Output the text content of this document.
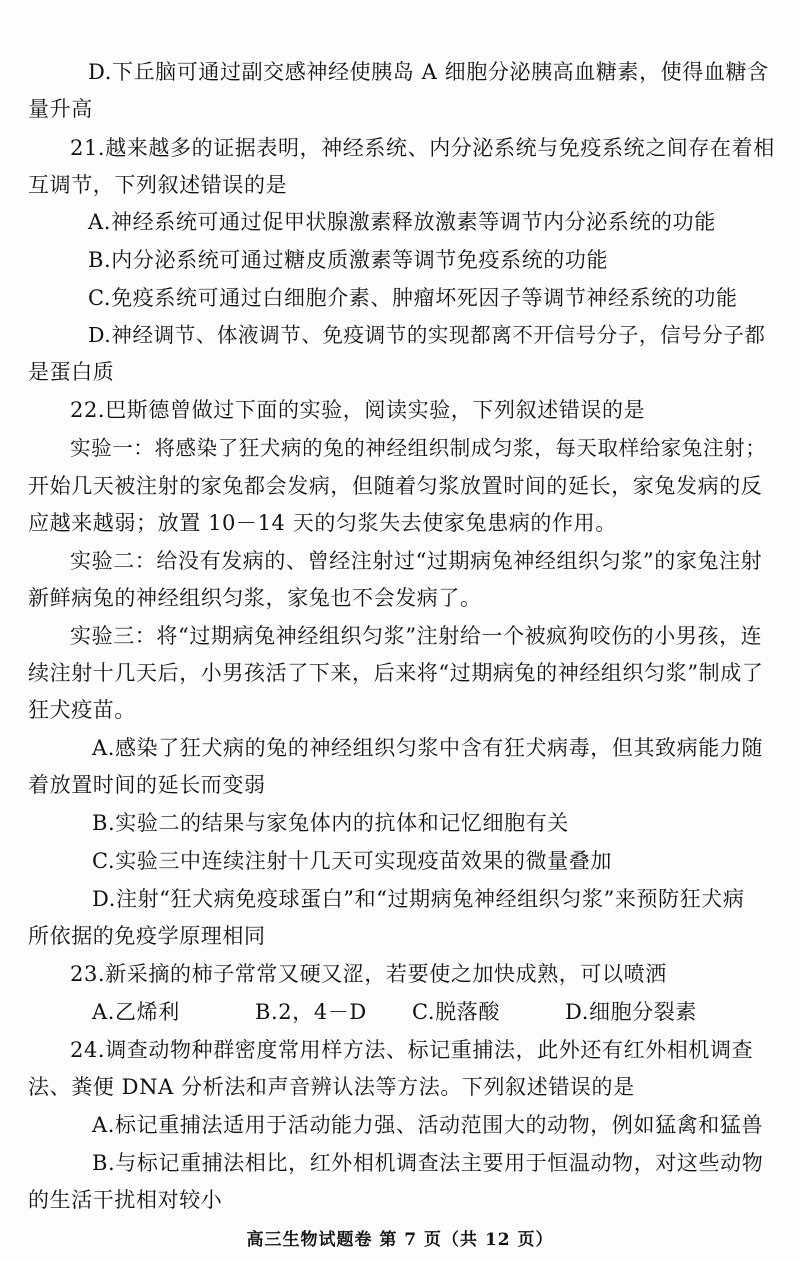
D.下丘脑可通过副交感神经使胰岛 A 细胞分泌胰高血糖素，使得血糖含
量升高
21.越来越多的证据表明，神经系统、内分泌系统与免疫系统之间存在着相
互调节，下列叙述错误的是
A.神经系统可通过促甲状腺激素释放激素等调节内分泌系统的功能
B.内分泌系统可通过糖皮质激素等调节免疫系统的功能
C.免疫系统可通过白细胞介素、肿瘤坏死因子等调节神经系统的功能
D.神经调节、体液调节、免疫调节的实现都离不开信号分子，信号分子都
是蛋白质
22.巴斯德曾做过下面的实验，阅读实验，下列叙述错误的是
实验一：将感染了狂犬病的兔的神经组织制成匀浆，每天取样给家兔注射；
开始几天被注射的家兔都会发病，但随着匀浆放置时间的延长，家兔发病的反
应越来越弱；放置 10－14 天的匀浆失去使家兔患病的作用。
实验二：给没有发病的、曾经注射过“过期病兔神经组织匀浆”的家兔注射
新鲜病兔的神经组织匀浆，家兔也不会发病了。
实验三：将“过期病兔神经组织匀浆”注射给一个被疯狗咬伤的小男孩，连
续注射十几天后，小男孩活了下来，后来将“过期病兔的神经组织匀浆”制成了
狂犬疫苗。
A.感染了狂犬病的兔的神经组织匀浆中含有狂犬病毒，但其致病能力随
着放置时间的延长而变弱
B.实验二的结果与家兔体内的抗体和记忆细胞有关
C.实验三中连续注射十几天可实现疫苗效果的微量叠加
D.注射“狂犬病免疫球蛋白”和“过期病兔神经组织匀浆”来预防狂犬病
所依据的免疫学原理相同
23.新采摘的柿子常常又硬又涩，若要使之加快成熟，可以喷洒
A.乙烯利	B.2，4－D	C.脱落酸	D.细胞分裂素
24.调查动物种群密度常用样方法、标记重捕法，此外还有红外相机调查
法、粪便 DNA 分析法和声音辨认法等方法。下列叙述错误的是
A.标记重捕法适用于活动能力强、活动范围大的动物，例如猛禽和猛兽
B.与标记重捕法相比，红外相机调查法主要用于恒温动物，对这些动物
的生活干扰相对较小
高三生物试题卷 第 7 页（共 12 页）
